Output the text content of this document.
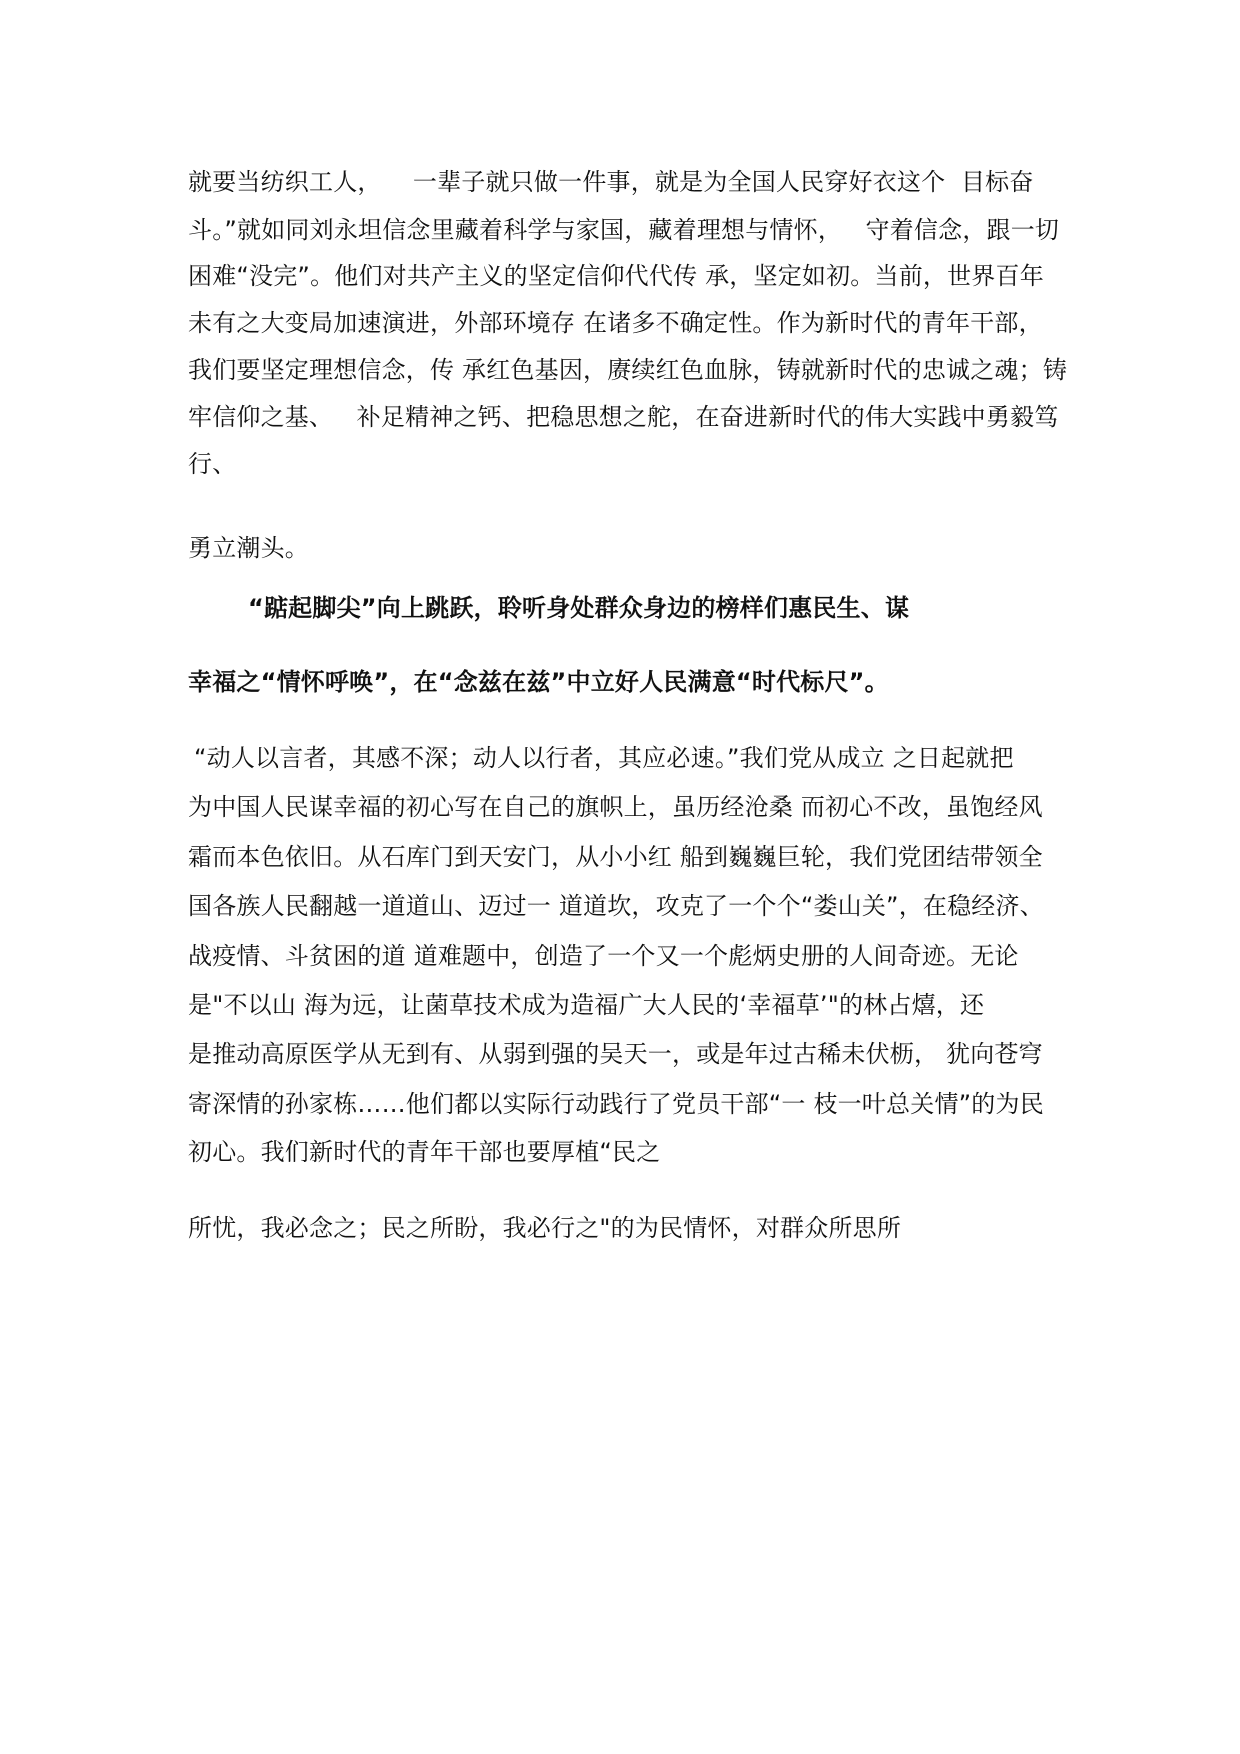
就要当纺织工人，    一辈子就只做一件事，就是为全国人民穿好衣这个  目标奋
斗。”就如同刘永坦信念里藏着科学与家国，藏着理想与情怀，   守着信念，跟一切
困难“没完”。他们对共产主义的坚定信仰代代传 承，坚定如初。当前，世界百年
未有之大变局加速演进，外部环境存 在诸多不确定性。作为新时代的青年干部，
我们要坚定理想信念，传 承红色基因，赓续红色血脉，铸就新时代的忠诚之魂；铸
牢信仰之基、   补足精神之钙、把稳思想之舵，在奋进新时代的伟大实践中勇毅笃
行、
勇立潮头。
“踮起脚尖”向上跳跃，聆听身处群众身边的榜样们惠民生、谋
幸福之“情怀呼唤”，在“念兹在兹”中立好人民满意“时代标尺”。
“动人以言者，其感不深；动人以行者，其应必速。”我们党从成立 之日起就把
为中国人民谋幸福的初心写在自己的旗帜上，虽历经沧桑 而初心不改，虽饱经风
霜而本色依旧。从石库门到天安门，从小小红 船到巍巍巨轮，我们党团结带领全
国各族人民翻越一道道山、迈过一 道道坎，攻克了一个个“娄山关”，在稳经济、
战疫情、斗贫困的道 道难题中，创造了一个又一个彪炳史册的人间奇迹。无论
是"不以山 海为远，让菌草技术成为造福广大人民的‘幸福草’"的林占熺，还
是推动高原医学从无到有、从弱到强的吴天一，或是年过古稀未伏枥， 犹向苍穹
寄深情的孙家栋……他们都以实际行动践行了党员干部“一 枝一叶总关情”的为民
初心。我们新时代的青年干部也要厚植“民之
所忧，我必念之；民之所盼，我必行之"的为民情怀，对群众所思所
